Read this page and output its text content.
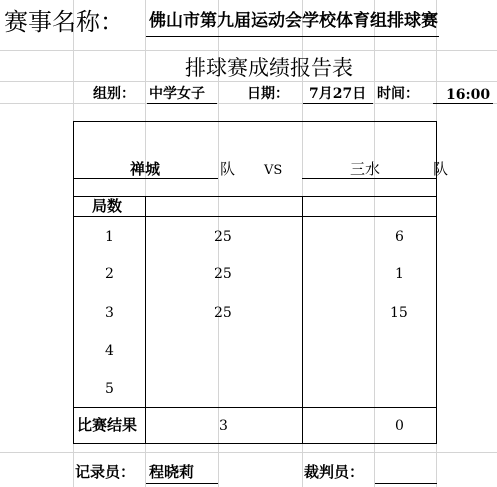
赛事名称： 佛山市第九届运动会学校体育组排球赛
排球赛成绩报告表
组别： 中学女子	日期： 7月27日 时间： 16:00
禅城	队 VS	三水	队
局数
1	25	6
2	25	1
3	25	15
4
5
比赛结果	3	0
记录员： 程晓莉	裁判员：
